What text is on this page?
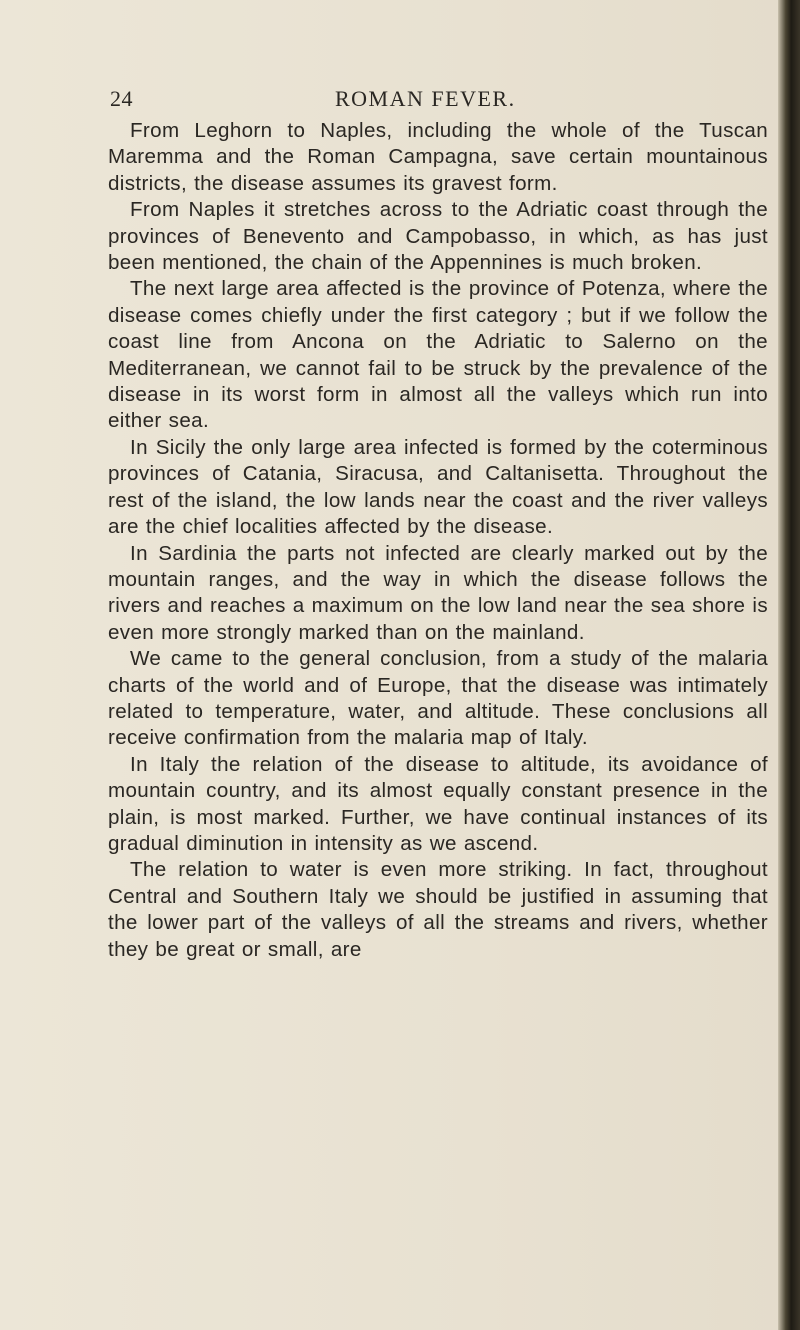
24	ROMAN FEVER.

From Leghorn to Naples, including the whole of the Tuscan Maremma and the Roman Campagna, save certain mountainous districts, the disease assumes its gravest form.

From Naples it stretches across to the Adriatic coast through the provinces of Benevento and Campobasso, in which, as has just been mentioned, the chain of the Appennines is much broken.

The next large area affected is the province of Potenza, where the disease comes chiefly under the first category ; but if we follow the coast line from Ancona on the Adriatic to Salerno on the Mediterranean, we cannot fail to be struck by the prevalence of the disease in its worst form in almost all the valleys which run into either sea.

In Sicily the only large area infected is formed by the coterminous provinces of Catania, Siracusa, and Caltanisetta. Throughout the rest of the island, the low lands near the coast and the river valleys are the chief localities affected by the disease.

In Sardinia the parts not infected are clearly marked out by the mountain ranges, and the way in which the disease follows the rivers and reaches a maximum on the low land near the sea shore is even more strongly marked than on the mainland.

We came to the general conclusion, from a study of the malaria charts of the world and of Europe, that the disease was intimately related to temperature, water, and altitude. These conclusions all receive confirmation from the malaria map of Italy.

In Italy the relation of the disease to altitude, its avoidance of mountain country, and its almost equally constant presence in the plain, is most marked. Further, we have continual instances of its gradual diminution in intensity as we ascend.

The relation to water is even more striking. In fact, throughout Central and Southern Italy we should be justified in assuming that the lower part of the valleys of all the streams and rivers, whether they be great or small, are
